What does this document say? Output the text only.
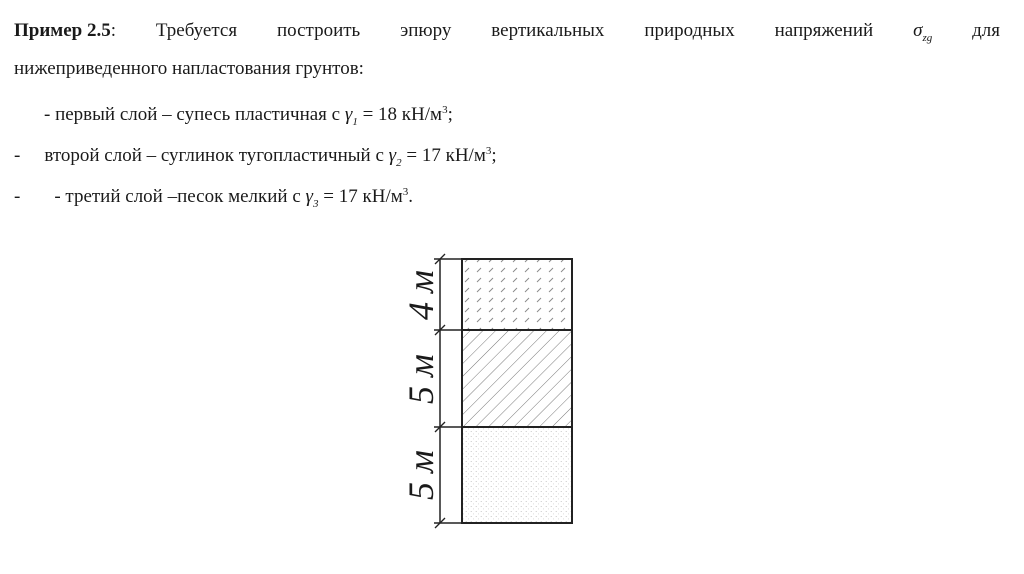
Пример 2.5: Требуется построить эпюру вертикальных природных напряжений $\sigma_{zg}$ для
нижеприведенного напластования грунтов:
- первый слой – супесь пластичная с $\gamma_1 = 18$ $кН/м^3$;
- второй слой – суглинок тугопластичный с $\gamma_2 = 17$ $кН/м^3$;
- - третий слой –песок мелкий с $\gamma_3 = 17$ $кН/м^3$.
4 м
5 м
5 м
